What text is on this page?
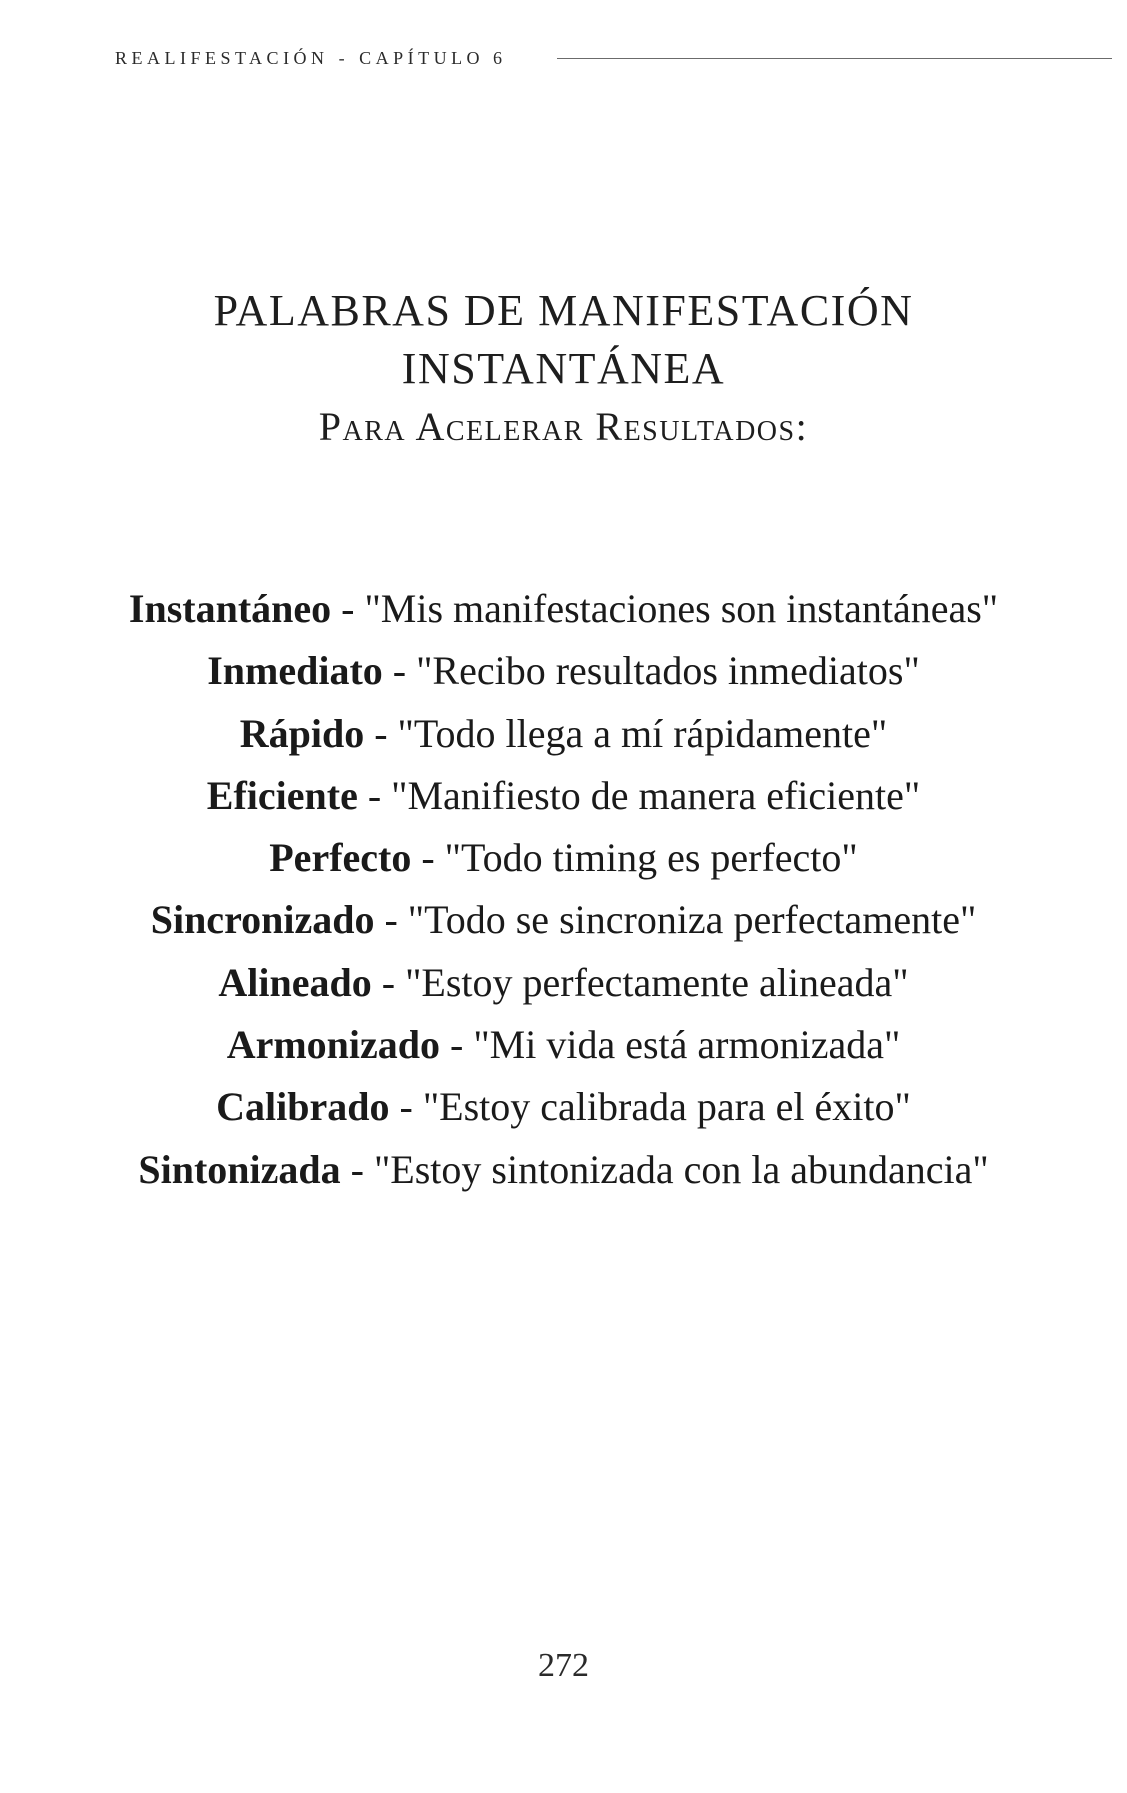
REALIFESTACIÓN - CAPÍTULO 6
PALABRAS DE MANIFESTACIÓN
INSTANTÁNEA
Para Acelerar Resultados:
Instantáneo - "Mis manifestaciones son instantáneas"
Inmediato - "Recibo resultados inmediatos"
Rápido - "Todo llega a mí rápidamente"
Eficiente - "Manifiesto de manera eficiente"
Perfecto - "Todo timing es perfecto"
Sincronizado - "Todo se sincroniza perfectamente"
Alineado - "Estoy perfectamente alineada"
Armonizado - "Mi vida está armonizada"
Calibrado - "Estoy calibrada para el éxito"
Sintonizada - "Estoy sintonizada con la abundancia"
272
